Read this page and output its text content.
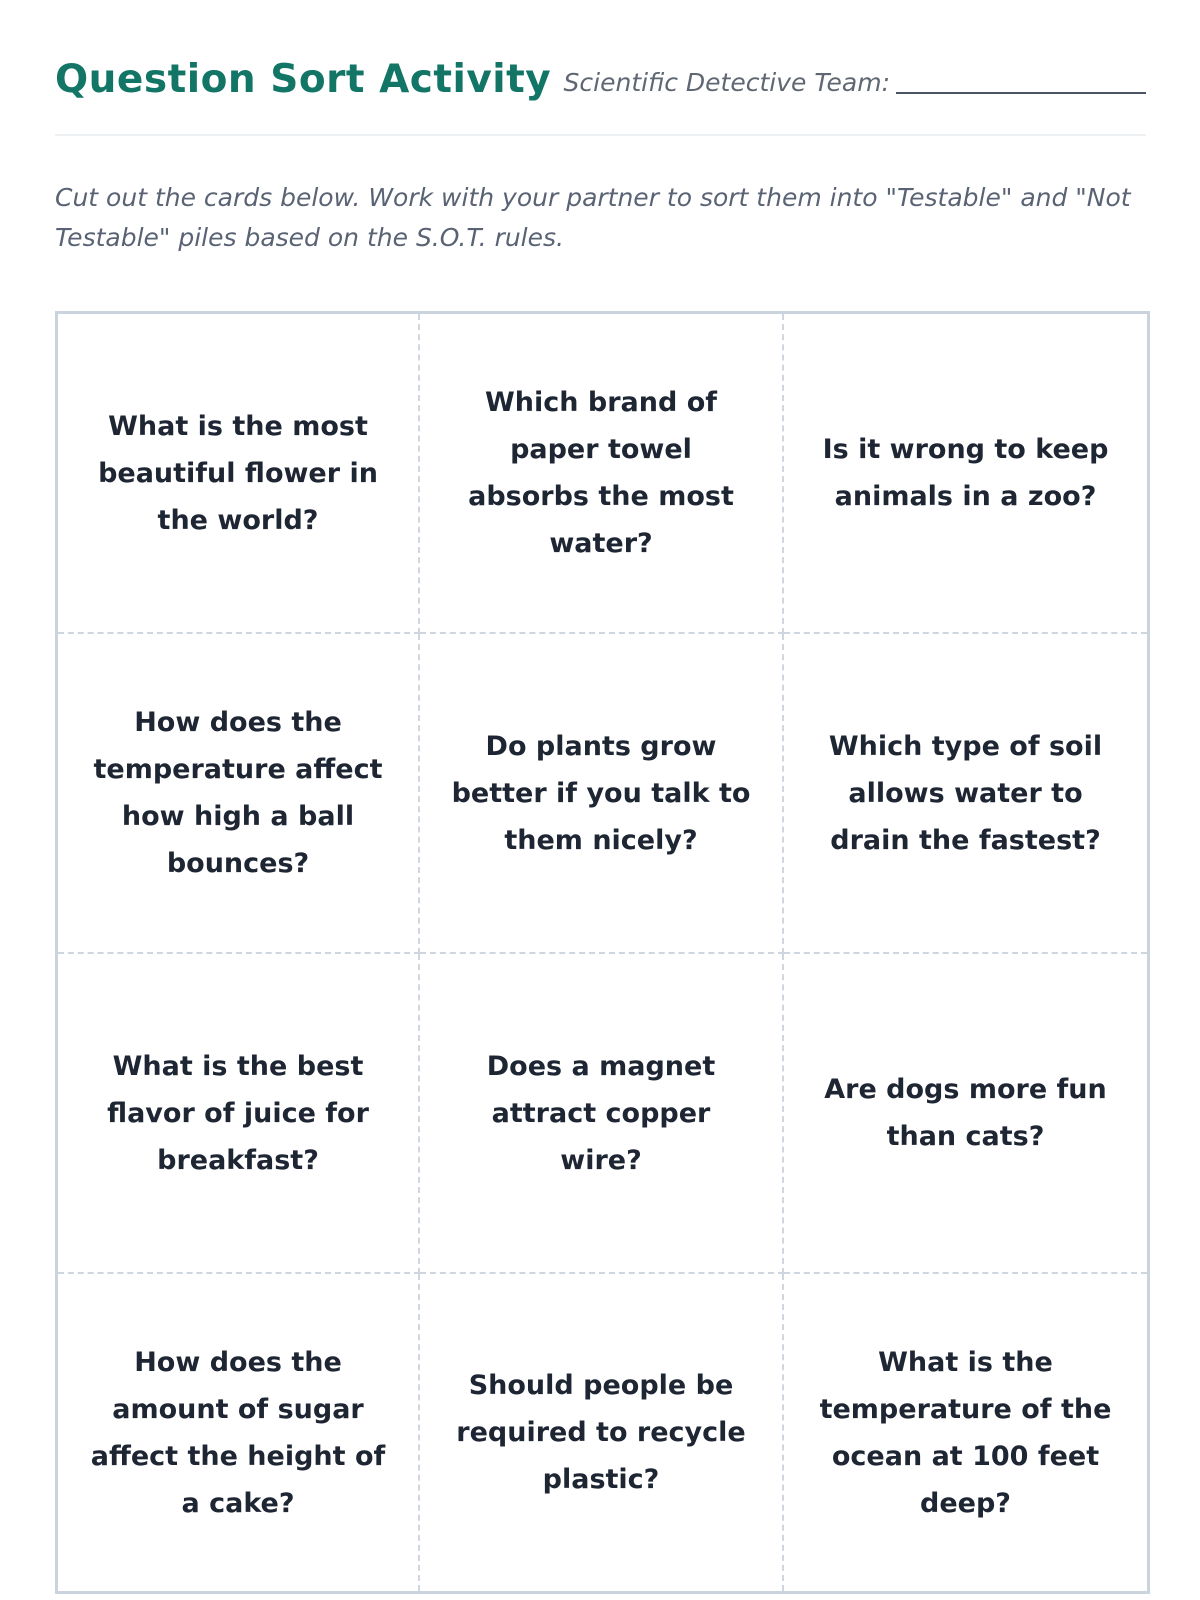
Question Sort Activity Scientific Detective Team:
Cut out the cards below. Work with your partner to sort them into "Testable" and "Not Testable" piles based on the S.O.T. rules.
What is the most beautiful flower in the world?
Which brand of paper towel absorbs the most water?
Is it wrong to keep animals in a zoo?
How does the temperature affect how high a ball bounces?
Do plants grow better if you talk to them nicely?
Which type of soil allows water to drain the fastest?
What is the best flavor of juice for breakfast?
Does a magnet attract copper wire?
Are dogs more fun than cats?
How does the amount of sugar affect the height of a cake?
Should people be required to recycle plastic?
What is the temperature of the ocean at 100 feet deep?
